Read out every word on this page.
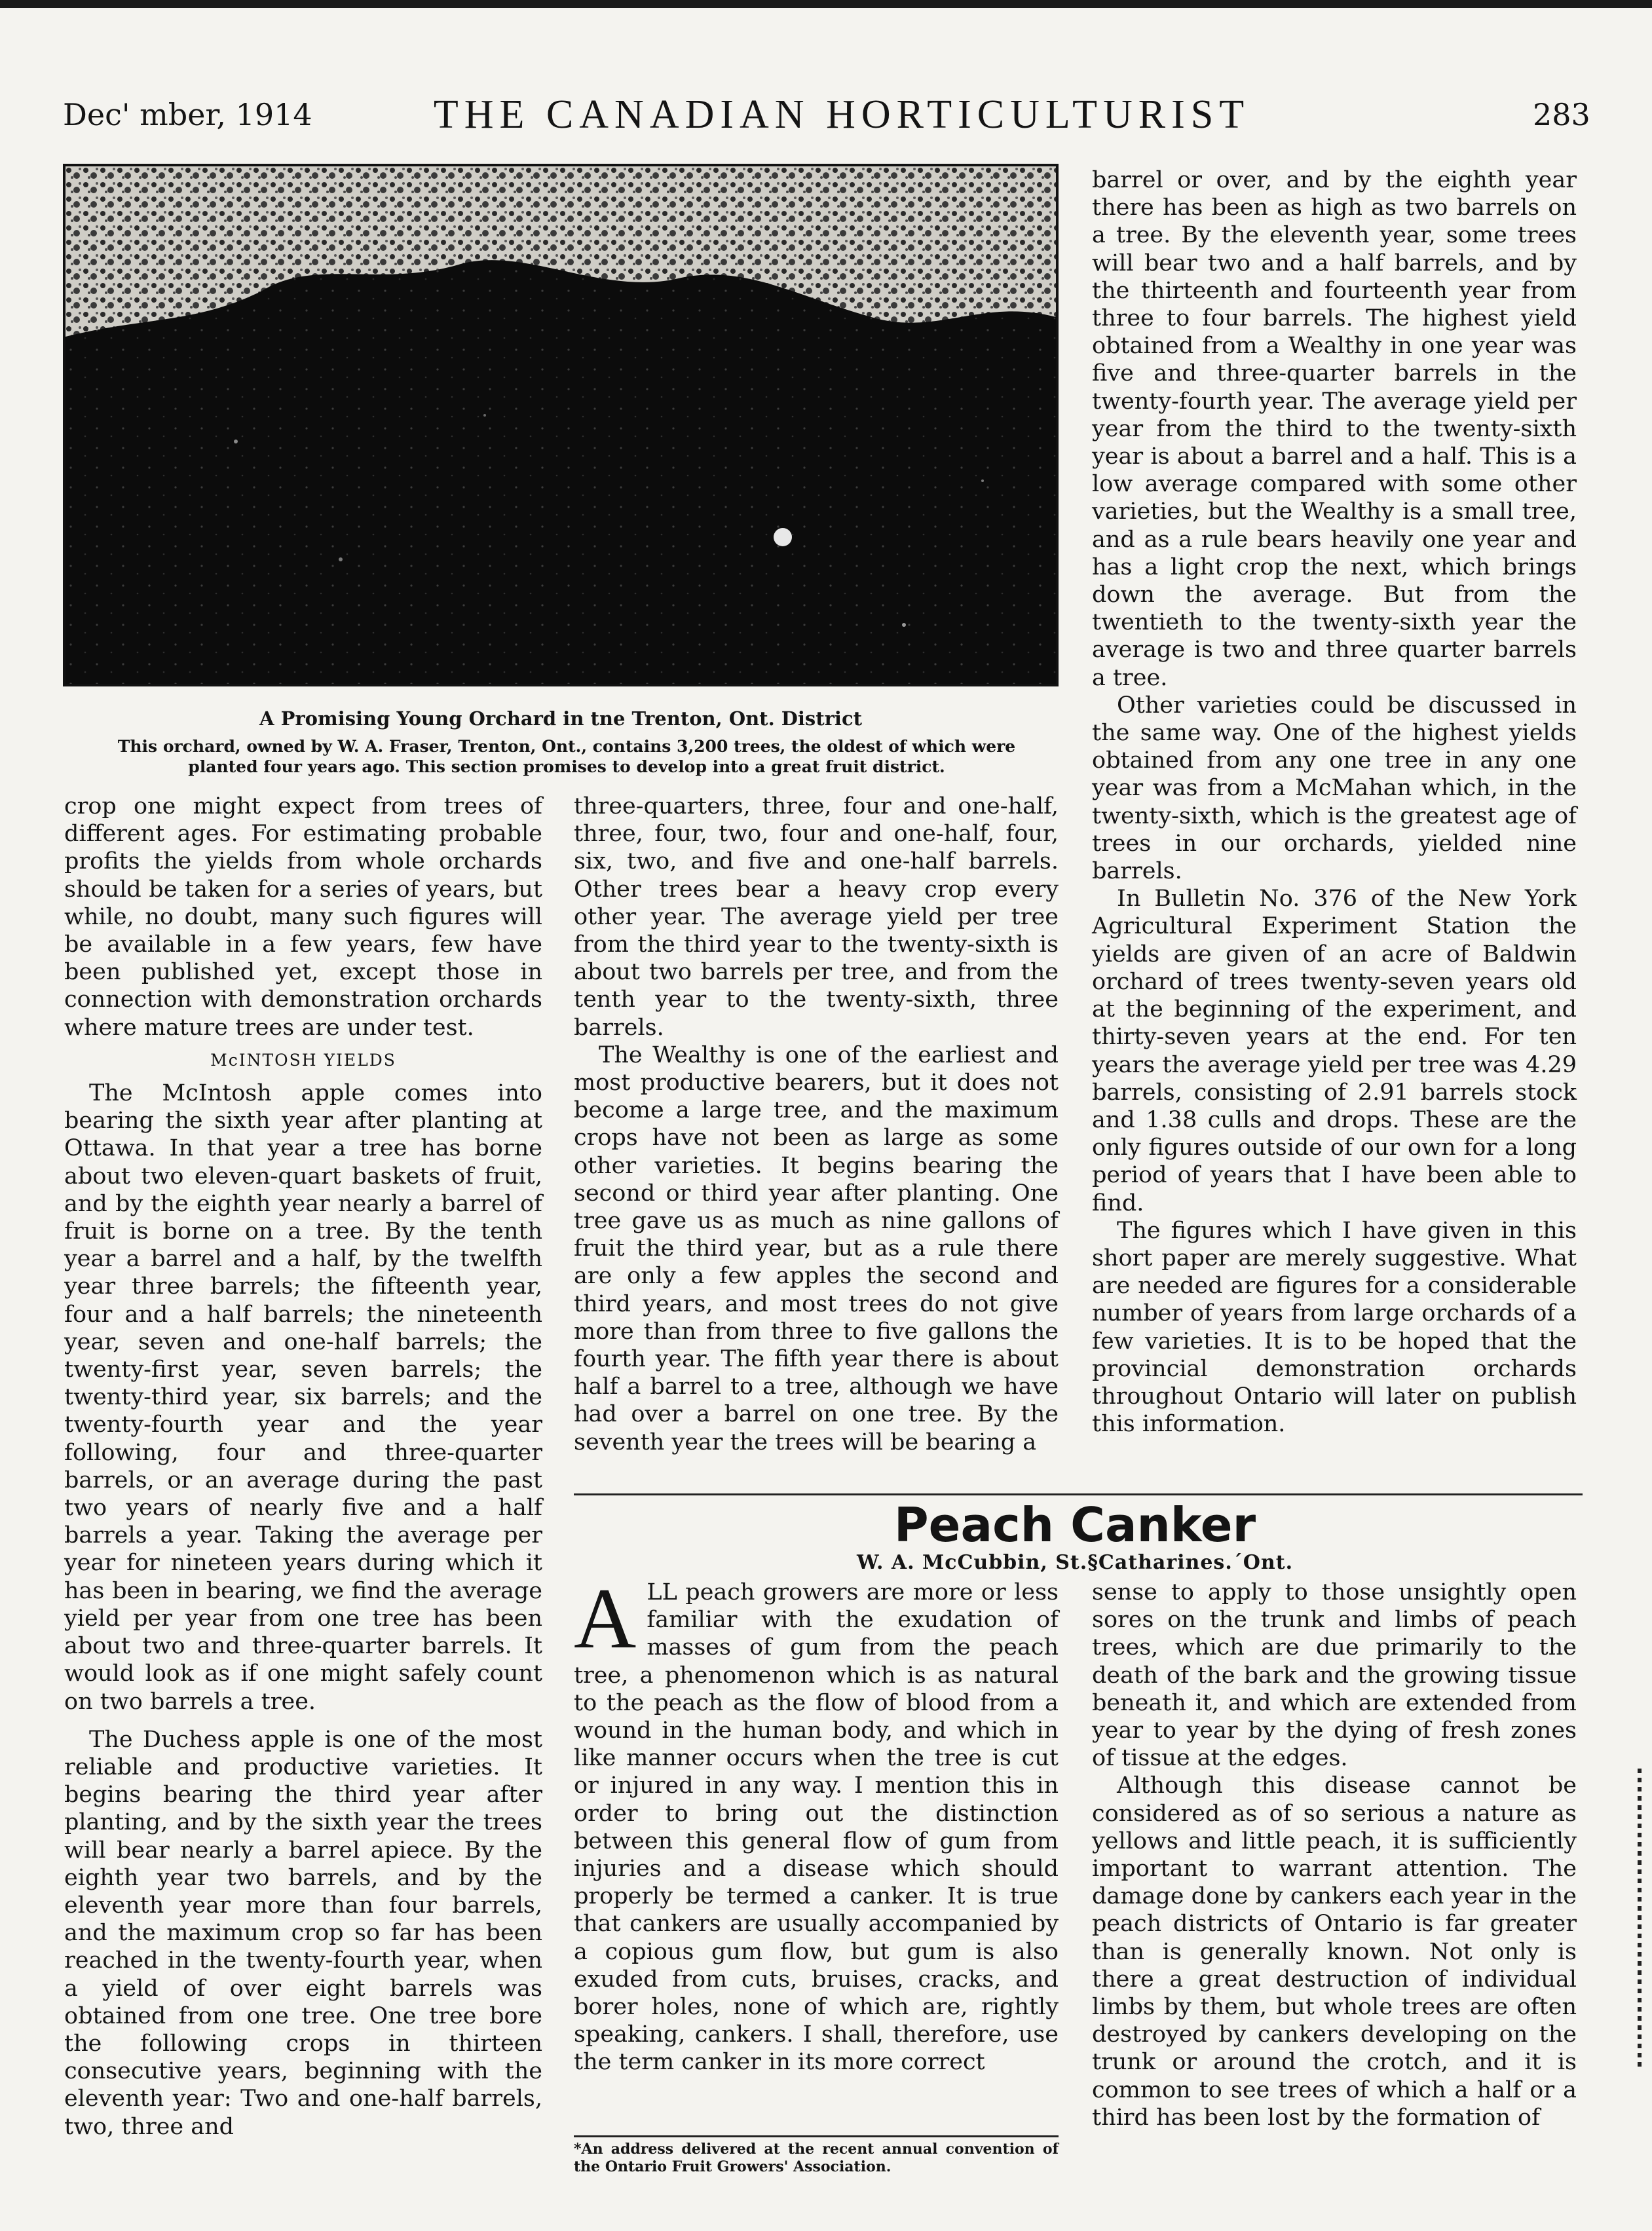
Dec' mber, 1914	THE CANADIAN HORTICULTURIST	283
A Promising Young Orchard in tne Trenton, Ont. District
This orchard, owned by W. A. Fraser, Trenton, Ont., contains 3,200 trees, the oldest of which were planted four years ago. This section promises to develop into a great fruit district.

crop one might expect from trees of different ages. For estimating probable profits the yields from whole orchards should be taken for a series of years, but while, no doubt, many such figures will be available in a few years, few have been published yet, except those in connection with demonstration orchards where mature trees are under test.

McINTOSH YIELDS

The McIntosh apple comes into bearing the sixth year after planting at Ottawa. In that year a tree has borne about two eleven-quart baskets of fruit, and by the eighth year nearly a barrel of fruit is borne on a tree. By the tenth year a barrel and a half, by the twelfth year three barrels; the fifteenth year, four and a half barrels; the nineteenth year, seven and one-half barrels; the twenty-first year, seven barrels; the twenty-third year, six barrels; and the twenty-fourth year and the year following, four and three-quarter barrels, or an average during the past two years of nearly five and a half barrels a year. Taking the average per year for nineteen years during which it has been in bearing, we find the average yield per year from one tree has been about two and three-quarter barrels. It would look as if one might safely count on two barrels a tree.

The Duchess apple is one of the most reliable and productive varieties. It begins bearing the third year after planting, and by the sixth year the trees will bear nearly a barrel apiece. By the eighth year two barrels, and by the eleventh year more than four barrels, and the maximum crop so far has been reached in the twenty-fourth year, when a yield of over eight barrels was obtained from one tree. One tree bore the following crops in thirteen consecutive years, beginning with the eleventh year: Two and one-half barrels, two, three and

three-quarters, three, four and one-half, three, four, two, four and one-half, four, six, two, and five and one-half barrels. Other trees bear a heavy crop every other year. The average yield per tree from the third year to the twenty-sixth is about two barrels per tree, and from the tenth year to the twenty-sixth, three barrels.

The Wealthy is one of the earliest and most productive bearers, but it does not become a large tree, and the maximum crops have not been as large as some other varieties. It begins bearing the second or third year after planting. One tree gave us as much as nine gallons of fruit the third year, but as a rule there are only a few apples the second and third years, and most trees do not give more than from three to five gallons the fourth year. The fifth year there is about half a barrel to a tree, although we have had over a barrel on one tree. By the seventh year the trees will be bearing a

barrel or over, and by the eighth year there has been as high as two barrels on a tree. By the eleventh year, some trees will bear two and a half barrels, and by the thirteenth and fourteenth year from three to four barrels. The highest yield obtained from a Wealthy in one year was five and three-quarter barrels in the twenty-fourth year. The average yield per year from the third to the twenty-sixth year is about a barrel and a half. This is a low average compared with some other varieties, but the Wealthy is a small tree, and as a rule bears heavily one year and has a light crop the next, which brings down the average. But from the twentieth to the twenty-sixth year the average is two and three quarter barrels a tree.

Other varieties could be discussed in the same way. One of the highest yields obtained from any one tree in any one year was from a McMahan which, in the twenty-sixth, which is the greatest age of trees in our orchards, yielded nine barrels.

In Bulletin No. 376 of the New York Agricultural Experiment Station the yields are given of an acre of Baldwin orchard of trees twenty-seven years old at the beginning of the experiment, and thirty-seven years at the end. For ten years the average yield per tree was 4.29 barrels, consisting of 2.91 barrels stock and 1.38 culls and drops. These are the only figures outside of our own for a long period of years that I have been able to find.

The figures which I have given in this short paper are merely suggestive. What are needed are figures for a considerable number of years from large orchards of a few varieties. It is to be hoped that the provincial demonstration orchards throughout Ontario will later on publish this information.

Peach Canker
W. A. McCubbin, St.§Catharines.´Ont.
A LL peach growers are more or less familiar with the exudation of masses of gum from the peach tree, a phenomenon which is as natural to the peach as the flow of blood from a wound in the human body, and which in like manner occurs when the tree is cut or injured in any way. I mention this in order to bring out the distinction between this general flow of gum from injuries and a disease which should properly be termed a canker. It is true that cankers are usually accompanied by a copious gum flow, but gum is also exuded from cuts, bruises, cracks, and borer holes, none of which are, rightly speaking, cankers. I shall, therefore, use the term canker in its more correct

*An address delivered at the recent annual convention of the Ontario Fruit Growers' Association.

sense to apply to those unsightly open sores on the trunk and limbs of peach trees, which are due primarily to the death of the bark and the growing tissue beneath it, and which are extended from year to year by the dying of fresh zones of tissue at the edges.

Although this disease cannot be considered as of so serious a nature as yellows and little peach, it is sufficiently important to warrant attention. The damage done by cankers each year in the peach districts of Ontario is far greater than is generally known. Not only is there a great destruction of individual limbs by them, but whole trees are often destroyed by cankers developing on the trunk or around the crotch, and it is common to see trees of which a half or a third has been lost by the formation of
